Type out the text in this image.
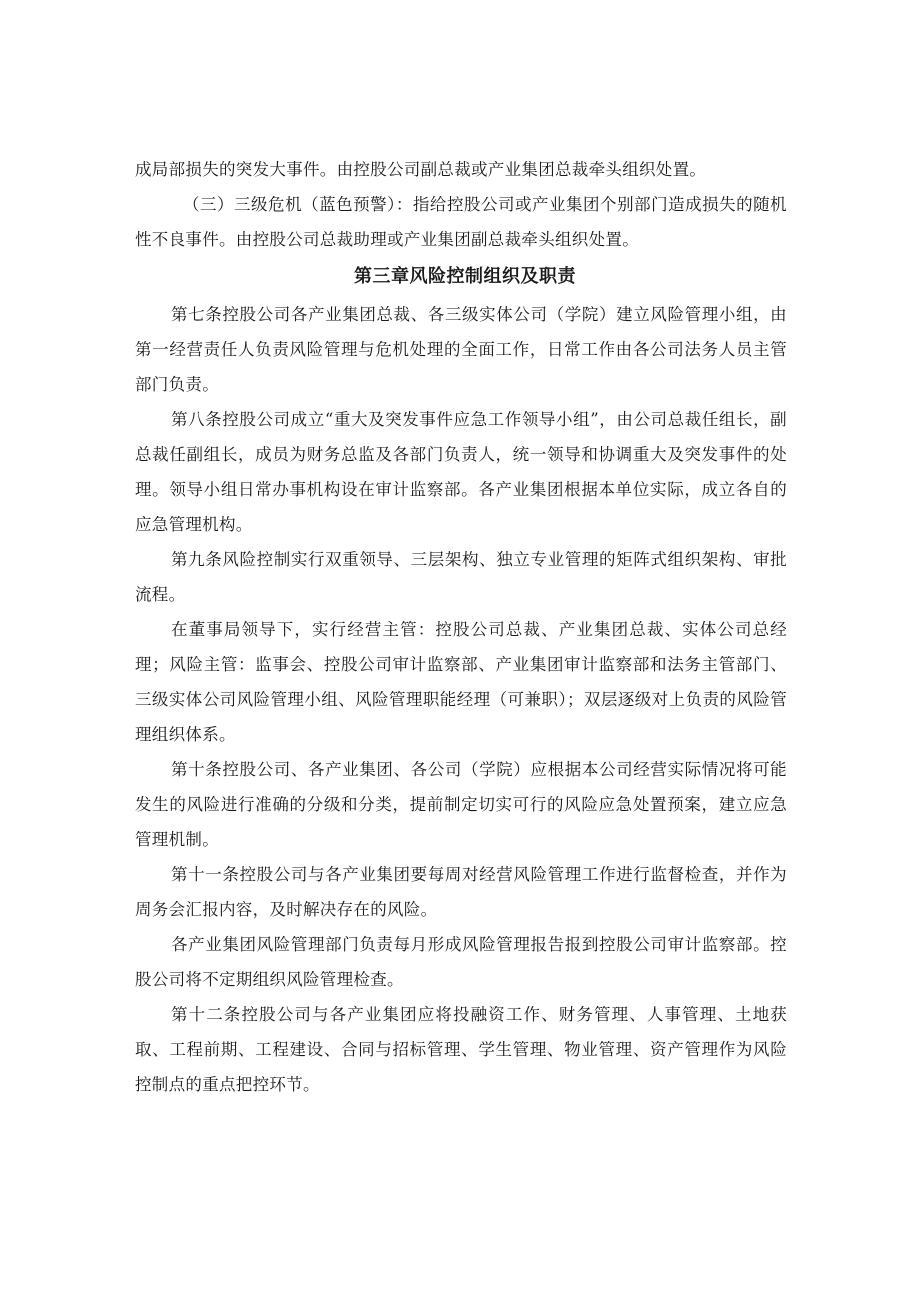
成局部损失的突发大事件。由控股公司副总裁或产业集团总裁牵头组织处置。

（三）三级危机（蓝色预警）：指给控股公司或产业集团个别部门造成损失的随机性不良事件。由控股公司总裁助理或产业集团副总裁牵头组织处置。

第三章风险控制组织及职责

第七条控股公司各产业集团总裁、各三级实体公司（学院）建立风险管理小组，由第一经营责任人负责风险管理与危机处理的全面工作，日常工作由各公司法务人员主管部门负责。

第八条控股公司成立“重大及突发事件应急工作领导小组”，由公司总裁任组长，副总裁任副组长，成员为财务总监及各部门负责人，统一领导和协调重大及突发事件的处理。领导小组日常办事机构设在审计监察部。各产业集团根据本单位实际，成立各自的应急管理机构。

第九条风险控制实行双重领导、三层架构、独立专业管理的矩阵式组织架构、审批流程。

在董事局领导下，实行经营主管：控股公司总裁、产业集团总裁、实体公司总经理；风险主管：监事会、控股公司审计监察部、产业集团审计监察部和法务主管部门、三级实体公司风险管理小组、风险管理职能经理（可兼职）；双层逐级对上负责的风险管理组织体系。

第十条控股公司、各产业集团、各公司（学院）应根据本公司经营实际情况将可能发生的风险进行准确的分级和分类，提前制定切实可行的风险应急处置预案，建立应急管理机制。

第十一条控股公司与各产业集团要每周对经营风险管理工作进行监督检查，并作为周务会汇报内容，及时解决存在的风险。

各产业集团风险管理部门负责每月形成风险管理报告报到控股公司审计监察部。控股公司将不定期组织风险管理检查。

第十二条控股公司与各产业集团应将投融资工作、财务管理、人事管理、土地获取、工程前期、工程建设、合同与招标管理、学生管理、物业管理、资产管理作为风险控制点的重点把控环节。
